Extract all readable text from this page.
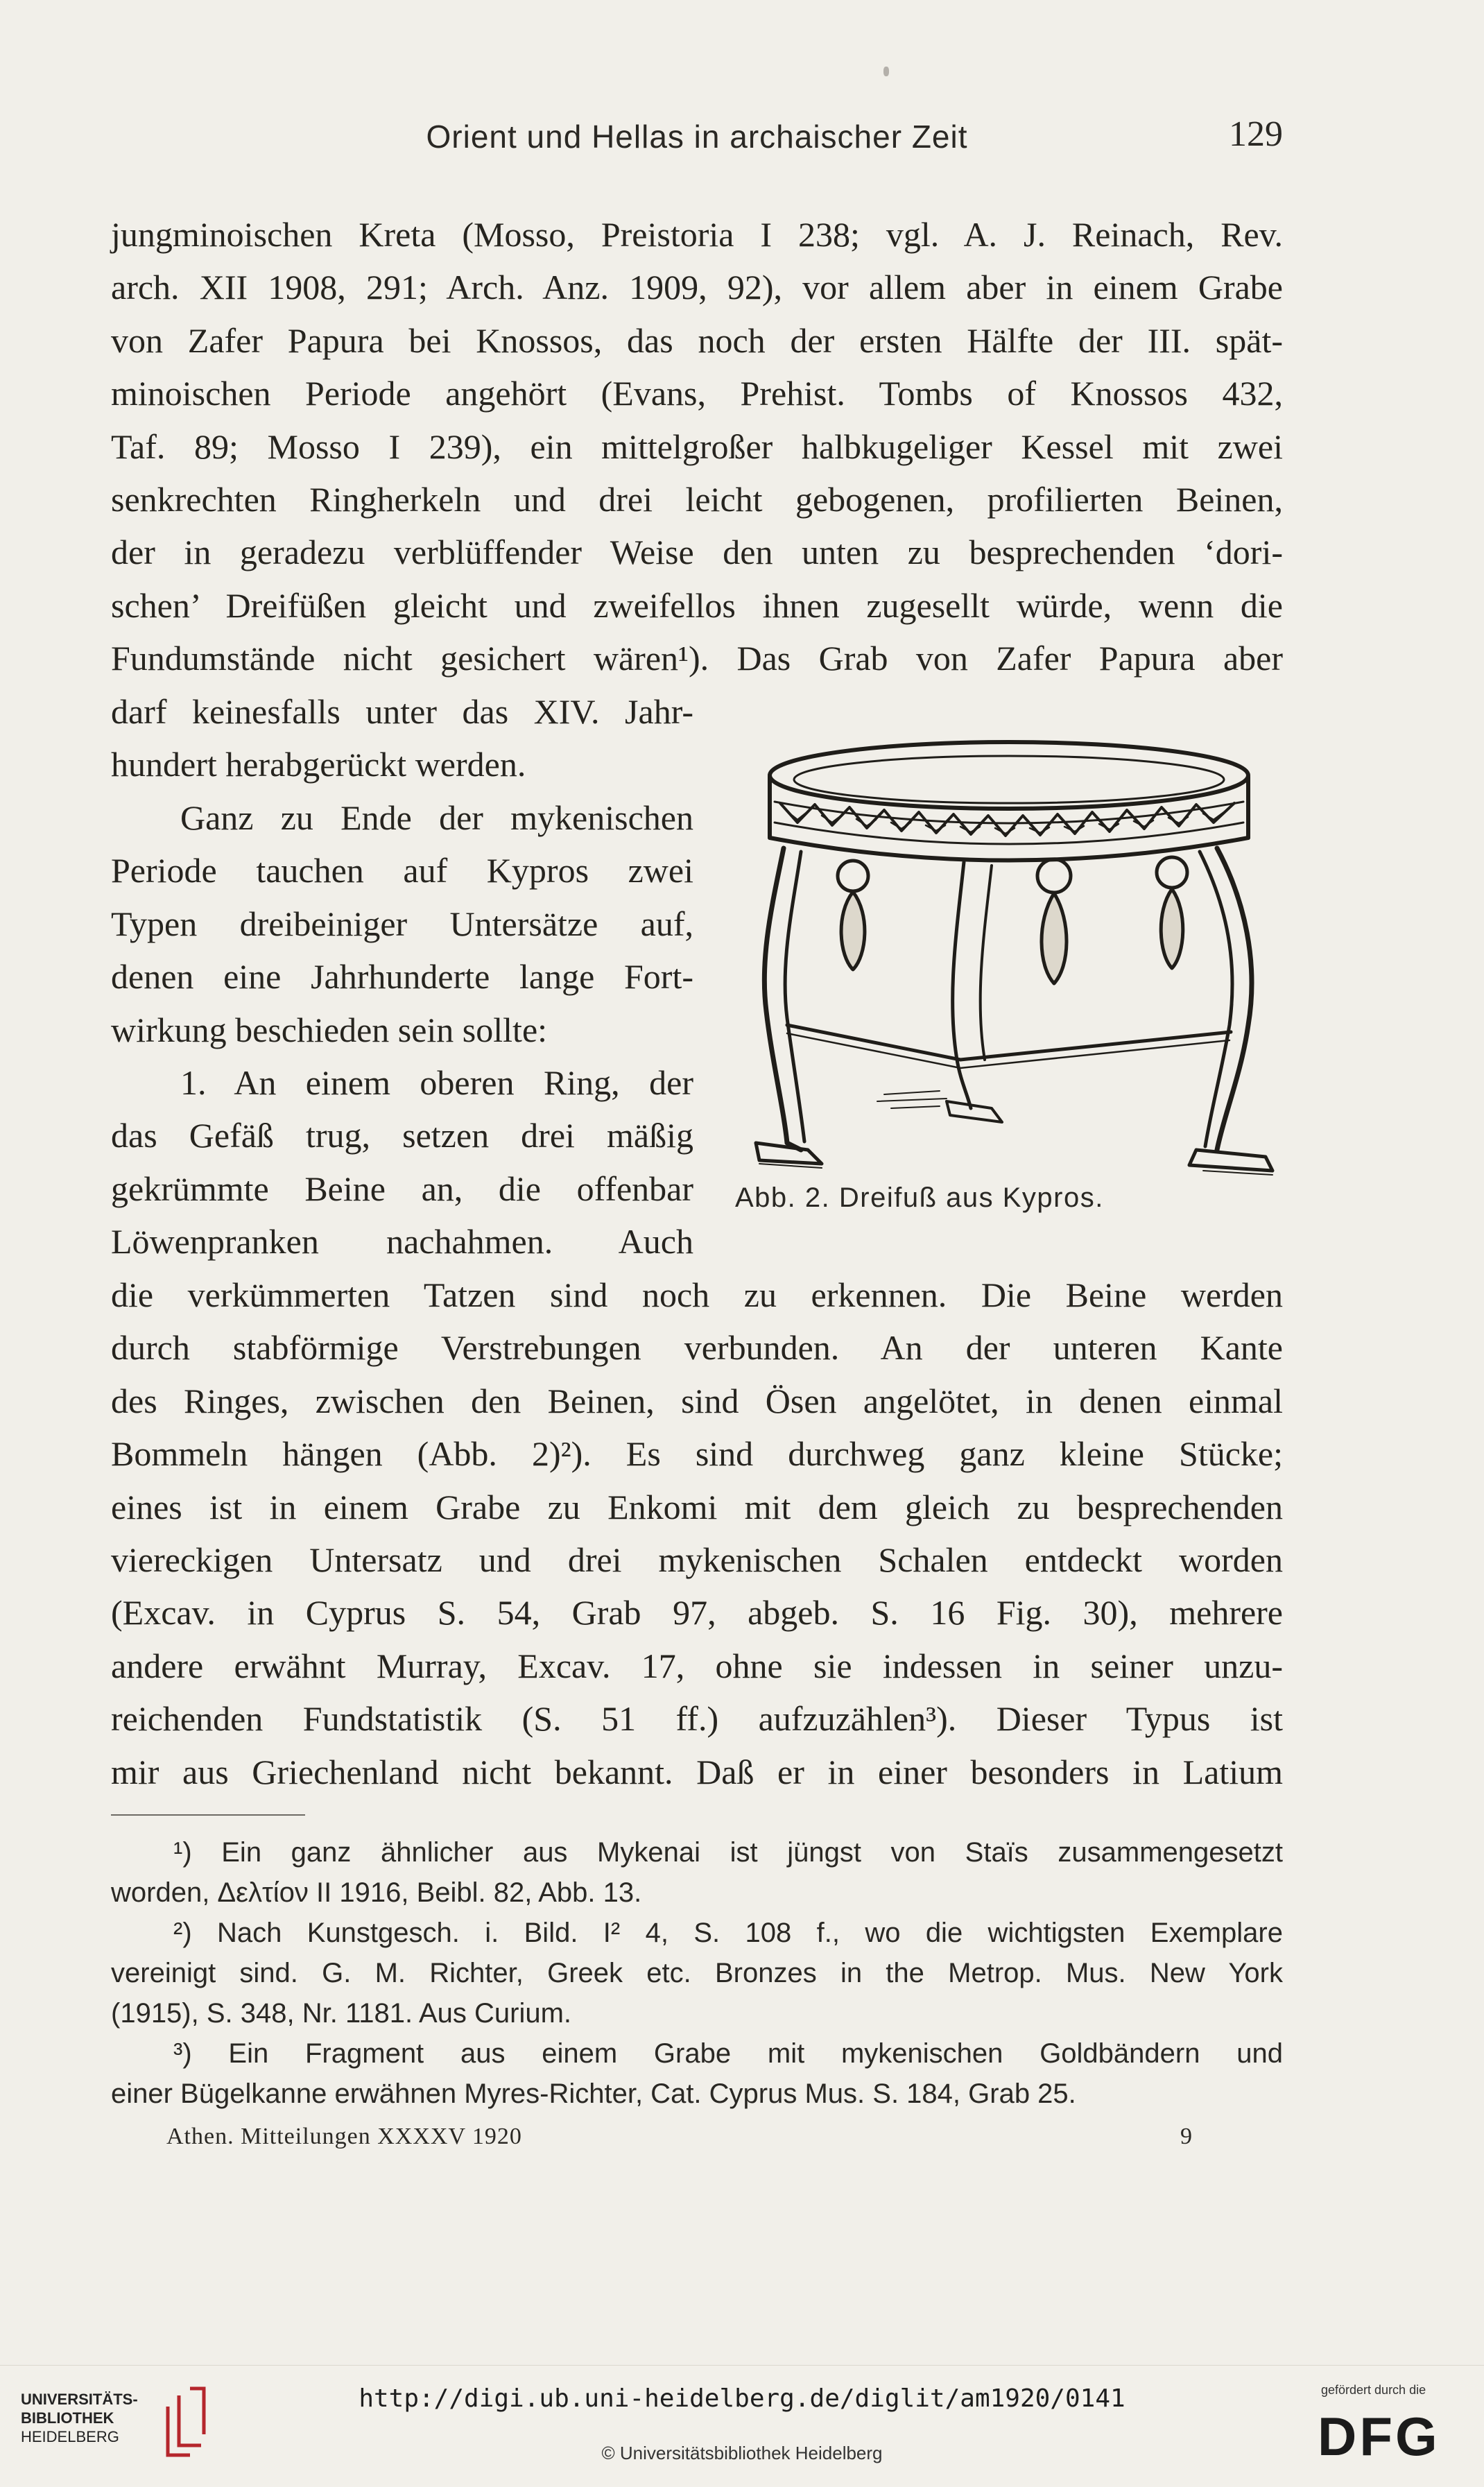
Orient und Hellas in archaischer Zeit	129
jungminoischen Kreta (Mosso, Preistoria I 238; vgl. A. J. Reinach, Rev.
arch. XII 1908, 291; Arch. Anz. 1909, 92), vor allem aber in einem Grabe
von Zafer Papura bei Knossos, das noch der ersten Hälfte der III. spät-
minoischen Periode angehört (Evans, Prehist. Tombs of Knossos 432,
Taf. 89; Mosso I 239), ein mittelgroßer halbkugeliger Kessel mit zwei
senkrechten Ringherkeln und drei leicht gebogenen, profilierten Beinen,
der in geradezu verblüffender Weise den unten zu besprechenden ‘dori-
schen’ Dreifüßen gleicht und zweifellos ihnen zugesellt würde, wenn die
Fundumstände nicht gesichert wären¹). Das Grab von Zafer Papura aber
darf keinesfalls unter das XIV. Jahr-
hundert herabgerückt werden.
Ganz zu Ende der mykenischen
Periode tauchen auf Kypros zwei
Typen dreibeiniger Untersätze auf,
denen eine Jahrhunderte lange Fort-
wirkung beschieden sein sollte:
1. An einem oberen Ring, der
das Gefäß trug, setzen drei mäßig
gekrümmte Beine an, die offenbar
Löwenpranken nachahmen. Auch
die verkümmerten Tatzen sind noch zu erkennen. Die Beine werden
durch stabförmige Verstrebungen verbunden. An der unteren Kante
des Ringes, zwischen den Beinen, sind Ösen angelötet, in denen einmal
Bommeln hängen (Abb. 2)²). Es sind durchweg ganz kleine Stücke;
eines ist in einem Grabe zu Enkomi mit dem gleich zu besprechenden
viereckigen Untersatz und drei mykenischen Schalen entdeckt worden
(Excav. in Cyprus S. 54, Grab 97, abgeb. S. 16 Fig. 30), mehrere
andere erwähnt Murray, Excav. 17, ohne sie indessen in seiner unzu-
reichenden Fundstatistik (S. 51 ff.) aufzuzählen³). Dieser Typus ist
mir aus Griechenland nicht bekannt. Daß er in einer besonders in Latium
Abb. 2. Dreifuß aus Kypros.
¹) Ein ganz ähnlicher aus Mykenai ist jüngst von Staïs zusammengesetzt
worden, Δελτίον II 1916, Beibl. 82, Abb. 13.
²) Nach Kunstgesch. i. Bild. I² 4, S. 108 f., wo die wichtigsten Exemplare
vereinigt sind. G. M. Richter, Greek etc. Bronzes in the Metrop. Mus. New York
(1915), S. 348, Nr. 1181. Aus Curium.
³) Ein Fragment aus einem Grabe mit mykenischen Goldbändern und
einer Bügelkanne erwähnen Myres-Richter, Cat. Cyprus Mus. S. 184, Grab 25.
Athen. Mitteilungen XXXXV 1920	9
UNIVERSITÄTS-
BIBLIOTHEK
HEIDELBERG
http://digi.ub.uni-heidelberg.de/diglit/am1920/0141
© Universitätsbibliothek Heidelberg
gefördert durch die
DFG
